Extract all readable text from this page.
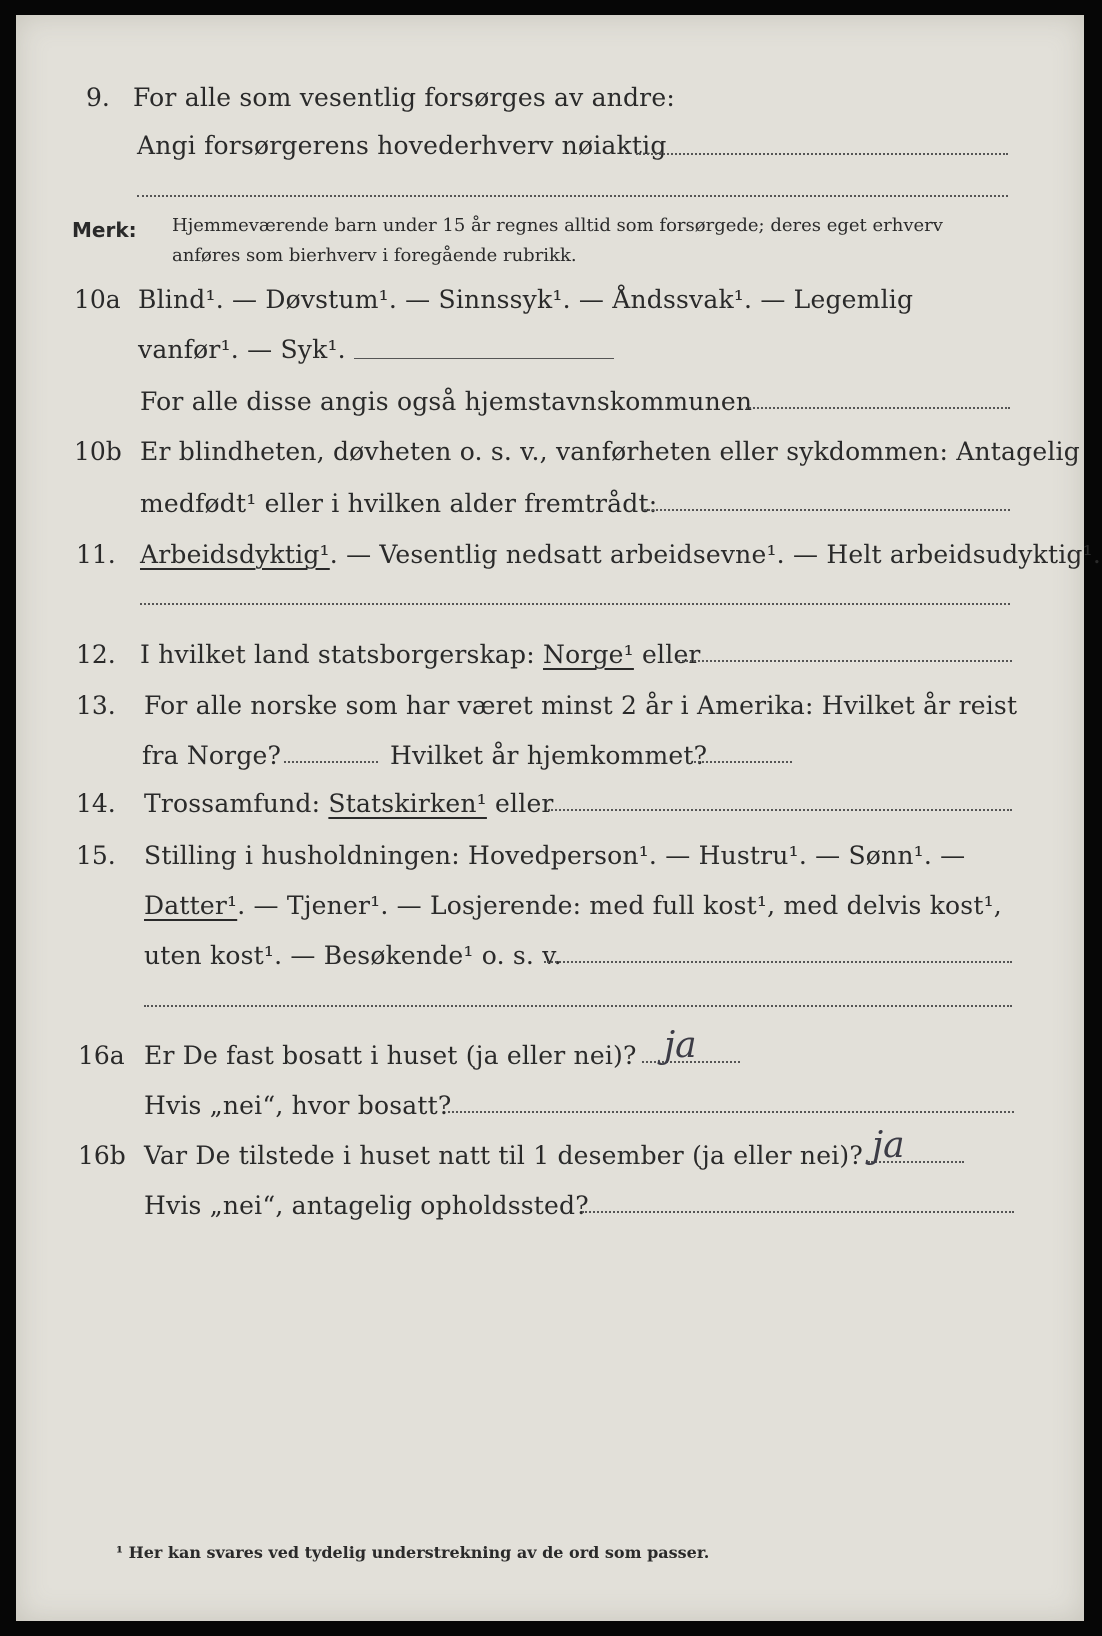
9. For alle som vesentlig forsørges av andre:
Angi forsørgerens hovederhverv nøiaktig
Merk: Hjemmeværende barn under 15 år regnes alltid som forsørgede; deres eget erhverv
anføres som bierhverv i foregående rubrikk.
10a Blind¹. — Døvstum¹. — Sinnssyk¹. — Åndssvak¹. — Legemlig
vanfør¹. — Syk¹.
For alle disse angis også hjemstavnskommunen
10b Er blindheten, døvheten o. s. v., vanførheten eller sykdommen: Antagelig
medfødt¹ eller i hvilken alder fremtrådt:
11. Arbeidsdyktig¹. — Vesentlig nedsatt arbeidsevne¹. — Helt arbeidsudyktig¹.
12. I hvilket land statsborgerskap: Norge¹ eller
13. For alle norske som har været minst 2 år i Amerika: Hvilket år reist
fra Norge?	Hvilket år hjemkommet?
14. Trossamfund: Statskirken¹ eller
15. Stilling i husholdningen: Hovedperson¹. — Hustru¹. — Sønn¹. —
Datter¹. — Tjener¹. — Losjerende: med full kost¹, med delvis kost¹,
uten kost¹. — Besøkende¹ o. s. v.
16a Er De fast bosatt i huset (ja eller nei)? ja
Hvis „nei“, hvor bosatt?
16b Var De tilstede i huset natt til 1 desember (ja eller nei)? ja
Hvis „nei“, antagelig opholdssted?
¹ Her kan svares ved tydelig understrekning av de ord som passer.
